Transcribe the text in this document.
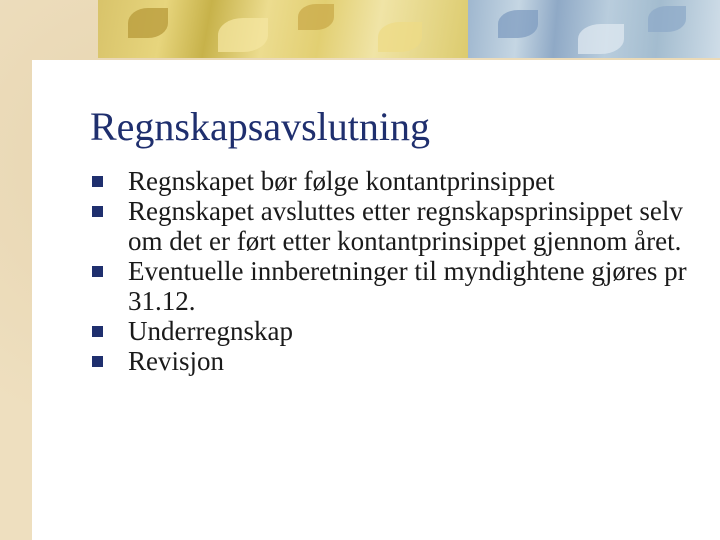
Regnskapsavslutning
Regnskapet bør følge kontantprinsippet
Regnskapet avsluttes etter regnskapsprinsippet selv om det er ført etter kontantprinsippet gjennom året.
Eventuelle innberetninger til myndightene gjøres pr 31.12.
Underregnskap
Revisjon
